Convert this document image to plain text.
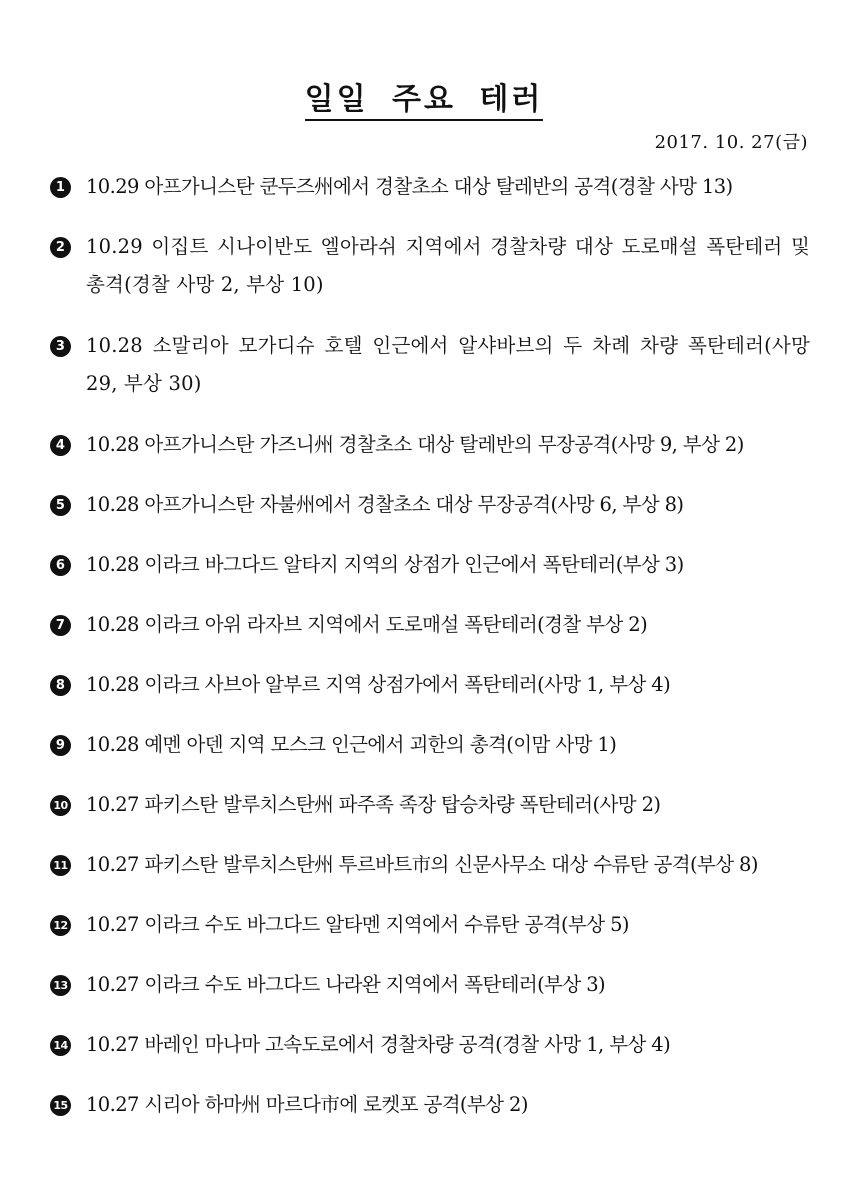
일일 주요 테러
2017. 10. 27(금)
1	10.29 아프가니스탄 쿤두즈州에서 경찰초소 대상 탈레반의 공격(경찰 사망 13)
2	10.29 이집트 시나이반도 엘아라쉬 지역에서 경찰차량 대상 도로매설 폭탄테러 및 총격(경찰 사망 2, 부상 10)
3	10.28 소말리아 모가디슈 호텔 인근에서 알샤바브의 두 차례 차량 폭탄테러(사망 29, 부상 30)
4	10.28 아프가니스탄 가즈니州 경찰초소 대상 탈레반의 무장공격(사망 9, 부상 2)
5	10.28 아프가니스탄 자불州에서 경찰초소 대상 무장공격(사망 6, 부상 8)
6	10.28 이라크 바그다드 알타지 지역의 상점가 인근에서 폭탄테러(부상 3)
7	10.28 이라크 아위 라자브 지역에서 도로매설 폭탄테러(경찰 부상 2)
8	10.28 이라크 사브아 알부르 지역 상점가에서 폭탄테러(사망 1, 부상 4)
9	10.28 예멘 아덴 지역 모스크 인근에서 괴한의 총격(이맘 사망 1)
10 10.27 파키스탄 발루치스탄州 파주족 족장 탑승차량 폭탄테러(사망 2)
11 10.27 파키스탄 발루치스탄州 투르바트市의 신문사무소 대상 수류탄 공격(부상 8)
12 10.27 이라크 수도 바그다드 알타멘 지역에서 수류탄 공격(부상 5)
13 10.27 이라크 수도 바그다드 나라완 지역에서 폭탄테러(부상 3)
14 10.27 바레인 마나마 고속도로에서 경찰차량 공격(경찰 사망 1, 부상 4)
15 10.27 시리아 하마州 마르다市에 로켓포 공격(부상 2)
